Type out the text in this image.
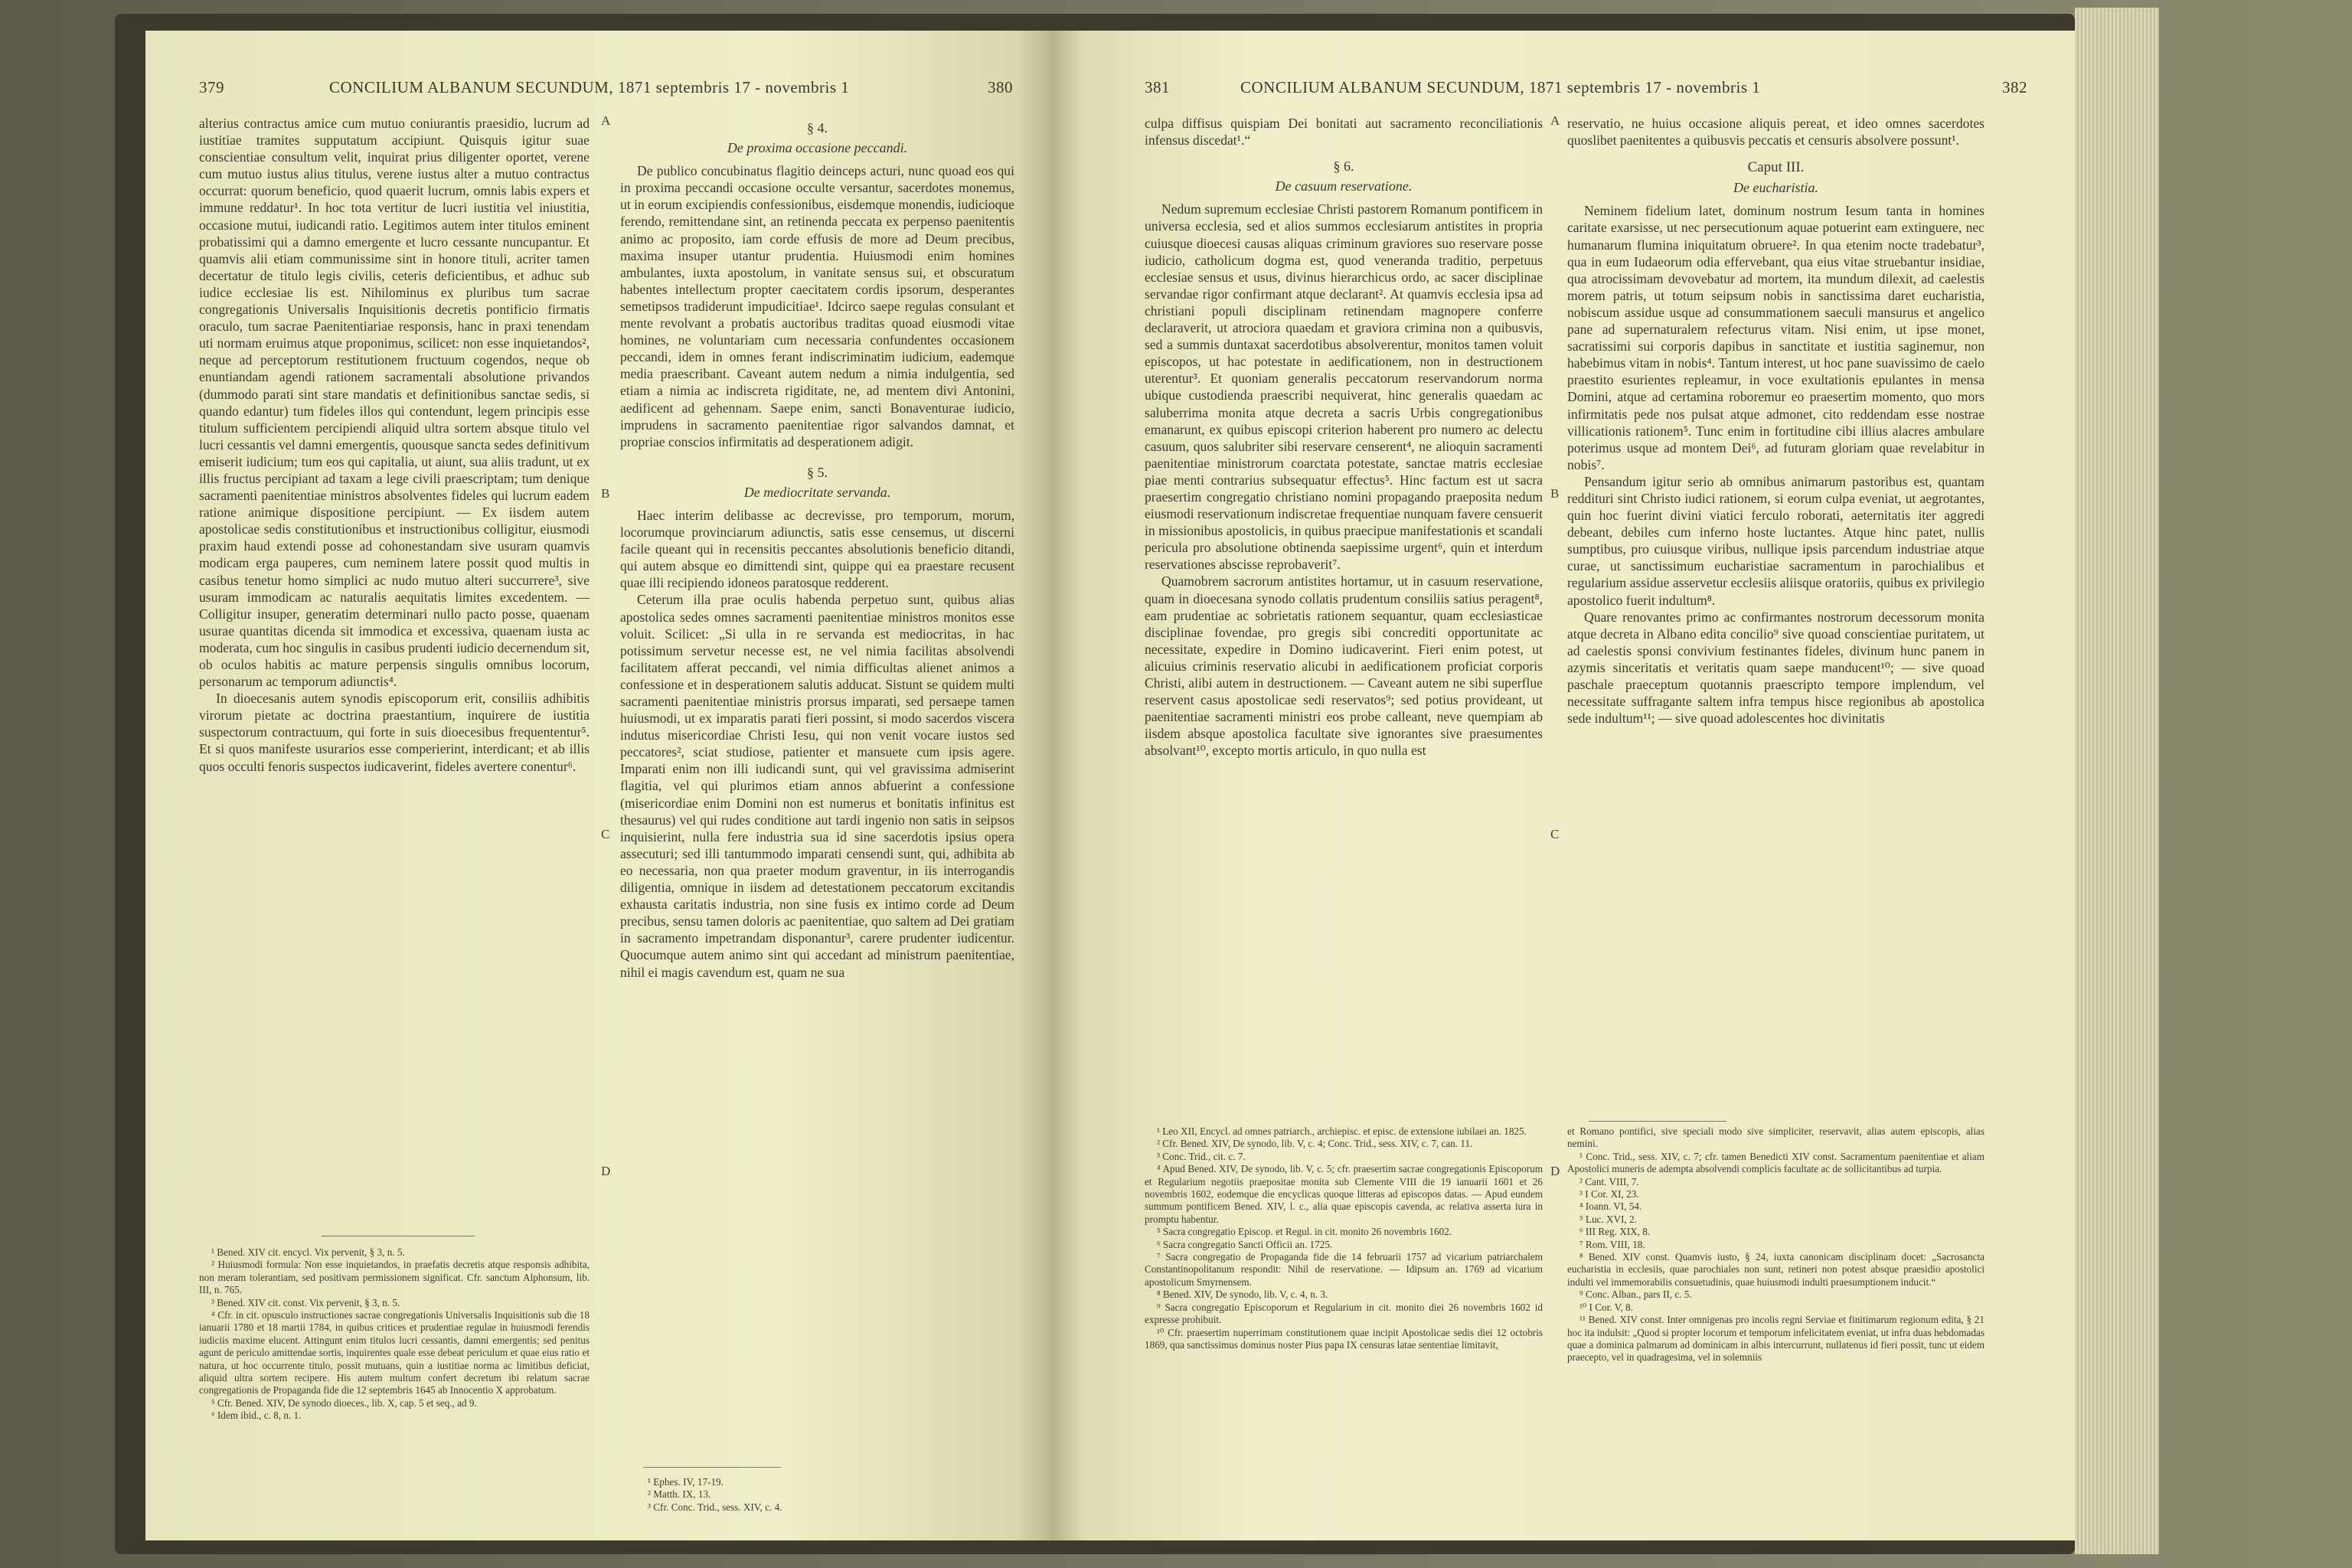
379	CONCILIUM ALBANUM SECUNDUM, 1871 septembris 17 - novembris 1	380

alterius contractus amice cum mutuo coniurantis praesidio, lucrum ad iustitiae tramites supputatum accipiunt. Quisquis igitur suae conscientiae consultum velit, inquirat prius diligenter oportet, verene cum mutuo iustus alius titulus, verene iustus alter a mutuo contractus occurrat: quorum beneficio, quod quaerit lucrum, omnis labis expers et immune reddatur¹. In hoc tota vertitur de lucri iustitia vel iniustitia, occasione mutui, iudicandi ratio. Legitimos autem inter titulos eminent probatissimi qui a damno emergente et lucro cessante nuncupantur. Et quamvis alii etiam communissime sint in honore tituli, acriter tamen decertatur de titulo legis civilis, ceteris deficientibus, et adhuc sub iudice ecclesiae lis est. Nihilominus ex pluribus tum sacrae congregationis Universalis Inquisitionis decretis pontificio firmatis oraculo, tum sacrae Paenitentiariae responsis, hanc in praxi tenendam uti normam eruimus atque proponimus, scilicet: non esse inquietandos², neque ad perceptorum restitutionem fructuum cogendos, neque ob enuntiandam agendi rationem sacramentali absolutione privandos (dummodo parati sint stare mandatis et definitionibus sanctae sedis, si quando edantur) tum fideles illos qui contendunt, legem principis esse titulum sufficientem percipiendi aliquid ultra sortem absque titulo vel lucri cessantis vel damni emergentis, quousque sancta sedes definitivum emiserit iudicium; tum eos qui capitalia, ut aiunt, sua aliis tradunt, ut ex illis fructus percipiant ad taxam a lege civili praescriptam; tum denique sacramenti paenitentiae ministros absolventes fideles qui lucrum eadem ratione animique dispositione percipiunt. — Ex iisdem autem apostolicae sedis constitutionibus et instructionibus colligitur, eiusmodi praxim haud extendi posse ad cohonestandam sive usuram quamvis modicam erga pauperes, cum neminem latere possit quod multis in casibus tenetur homo simplici ac nudo mutuo alteri succurrere³, sive usuram immodicam ac naturalis aequitatis limites excedentem. — Colligitur insuper, generatim determinari nullo pacto posse, quaenam usurae quantitas dicenda sit immodica et excessiva, quaenam iusta ac moderata, cum hoc singulis in casibus prudenti iudicio decernendum sit, ob oculos habitis ac mature perpensis singulis omnibus locorum, personarum ac temporum adiunctis⁴.

In dioecesanis autem synodis episcoporum erit, consiliis adhibitis virorum pietate ac doctrina praestantium, inquirere de iustitia suspectorum contractuum, qui forte in suis dioecesibus frequententur⁵. Et si quos manifeste usurarios esse comperierint, interdicant; et ab illis quos occulti fenoris suspectos iudicaverint, fideles avertere conentur⁶.

¹ Bened. XIV cit. encycl. Vix pervenit, § 3, n. 5.

² Huiusmodi formula: Non esse inquietandos, in praefatis decretis atque responsis adhibita, non meram tolerantiam, sed positivam permissionem significat. Cfr. sanctum Alphonsum, lib. III, n. 765.

³ Bened. XIV cit. const. Vix pervenit, § 3, n. 5.

⁴ Cfr. in cit. opusculo instructiones sacrae congregationis Universalis Inquisitionis sub die 18 ianuarii 1780 et 18 martii 1784, in quibus critices et prudentiae regulae in huiusmodi ferendis iudiciis maxime elucent. Attingunt enim titulos lucri cessantis, damni emergentis; sed penitus agunt de periculo amittendae sortis, inquirentes quale esse debeat periculum et quae eius ratio et natura, ut hoc occurrente titulo, possit mutuans, quin a iustitiae norma ac limitibus deficiat, aliquid ultra sortem recipere. His autem multum confert decretum ibi relatum sacrae congregationis de Propaganda fide die 12 septembris 1645 ab Innocentio X approbatum.

⁵ Cfr. Bened. XIV, De synodo dioeces., lib. X, cap. 5 et seq., ad 9.

⁶ Idem ibid., c. 8, n. 1.

A
B
C
D
§ 4.
De proxima occasione peccandi.

De publico concubinatus flagitio deinceps acturi, nunc quoad eos qui in proxima peccandi occasione occulte versantur, sacerdotes monemus, ut in eorum excipiendis confessionibus, eisdemque monendis, iudicioque ferendo, remittendane sint, an retinenda peccata ex perpenso paenitentis animo ac proposito, iam corde effusis de more ad Deum precibus, maxima insuper utantur prudentia. Huiusmodi enim homines ambulantes, iuxta apostolum, in vanitate sensus sui, et obscuratum habentes intellectum propter caecitatem cordis ipsorum, desperantes semetipsos tradiderunt impudicitiae¹. Idcirco saepe regulas consulant et mente revolvant a probatis auctoribus traditas quoad eiusmodi vitae homines, ne voluntariam cum necessaria confundentes occasionem peccandi, idem in omnes ferant indiscriminatim iudicium, eademque media praescribant. Caveant autem nedum a nimia indulgentia, sed etiam a nimia ac indiscreta rigiditate, ne, ad mentem divi Antonini, aedificent ad gehennam. Saepe enim, sancti Bonaventurae iudicio, imprudens in sacramento paenitentiae rigor salvandos damnat, et propriae conscios infirmitatis ad desperationem adigit.

§ 5.
De mediocritate servanda.

Haec interim delibasse ac decrevisse, pro temporum, morum, locorumque provinciarum adiunctis, satis esse censemus, ut discerni facile queant qui in recensitis peccantes absolutionis beneficio ditandi, qui autem absque eo dimittendi sint, quippe qui ea praestare recusent quae illi recipiendo idoneos paratosque redderent.

Ceterum illa prae oculis habenda perpetuo sunt, quibus alias apostolica sedes omnes sacramenti paenitentiae ministros monitos esse voluit. Scilicet: „Si ulla in re servanda est mediocritas, in hac potissimum servetur necesse est, ne vel nimia facilitas absolvendi facilitatem afferat peccandi, vel nimia difficultas alienet animos a confessione et in desperationem salutis adducat. Sistunt se quidem multi sacramenti paenitentiae ministris prorsus imparati, sed persaepe tamen huiusmodi, ut ex imparatis parati fieri possint, si modo sacerdos viscera indutus misericordiae Christi Iesu, qui non venit vocare iustos sed peccatores², sciat studiose, patienter et mansuete cum ipsis agere. Imparati enim non illi iudicandi sunt, qui vel gravissima admiserint flagitia, vel qui plurimos etiam annos abfuerint a confessione (misericordiae enim Domini non est numerus et bonitatis infinitus est thesaurus) vel qui rudes conditione aut tardi ingenio non satis in seipsos inquisierint, nulla fere industria sua id sine sacerdotis ipsius opera assecuturi; sed illi tantummodo imparati censendi sunt, qui, adhibita ab eo necessaria, non qua praeter modum graventur, in iis interrogandis diligentia, omnique in iisdem ad detestationem peccatorum excitandis exhausta caritatis industria, non sine fusis ex intimo corde ad Deum precibus, sensu tamen doloris ac paenitentiae, quo saltem ad Dei gratiam in sacramento impetrandam disponantur³, carere prudenter iudicentur. Quocumque autem animo sint qui accedant ad ministrum paenitentiae, nihil ei magis cavendum est, quam ne sua

¹ Ephes. IV, 17-19.

² Matth. IX, 13.

³ Cfr. Conc. Trid., sess. XIV, c. 4.

381	CONCILIUM ALBANUM SECUNDUM, 1871 septembris 17 - novembris 1	382

culpa diffisus quispiam Dei bonitati aut sacramento reconciliationis infensus discedat¹.“

§ 6.
De casuum reservatione.

Nedum supremum ecclesiae Christi pastorem Romanum pontificem in universa ecclesia, sed et alios summos ecclesiarum antistites in propria cuiusque dioecesi causas aliquas criminum graviores suo reservare posse iudicio, catholicum dogma est, quod veneranda traditio, perpetuus ecclesiae sensus et usus, divinus hierarchicus ordo, ac sacer disciplinae servandae rigor confirmant atque declarant². At quamvis ecclesia ipsa ad christiani populi disciplinam retinendam magnopere conferre declaraverit, ut atrociora quaedam et graviora crimina non a quibusvis, sed a summis duntaxat sacerdotibus absolverentur, monitos tamen voluit episcopos, ut hac potestate in aedificationem, non in destructionem uterentur³. Et quoniam generalis peccatorum reservandorum norma ubique custodienda praescribi nequiverat, hinc generalis quaedam ac saluberrima monita atque decreta a sacris Urbis congregationibus emanarunt, ex quibus episcopi criterion haberent pro numero ac delectu casuum, quos salubriter sibi reservare censerent⁴, ne alioquin sacramenti paenitentiae ministrorum coarctata potestate, sanctae matris ecclesiae piae menti contrarius subsequatur effectus⁵. Hinc factum est ut sacra praesertim congregatio christiano nomini propagando praeposita nedum eiusmodi reservationum indiscretae frequentiae nunquam favere censuerit in missionibus apostolicis, in quibus praecipue manifestationis et scandali pericula pro absolutione obtinenda saepissime urgent⁶, quin et interdum reservationes abscisse reprobaverit⁷.

Quamobrem sacrorum antistites hortamur, ut in casuum reservatione, quam in dioecesana synodo collatis prudentum consiliis satius peragent⁸, eam prudentiae ac sobrietatis rationem sequantur, quam ecclesiasticae disciplinae fovendae, pro gregis sibi concrediti opportunitate ac necessitate, expedire in Domino iudicaverint. Fieri enim potest, ut alicuius criminis reservatio alicubi in aedificationem proficiat corporis Christi, alibi autem in destructionem. — Caveant autem ne sibi superflue reservent casus apostolicae sedi reservatos⁹; sed potius provideant, ut paenitentiae sacramenti ministri eos probe calleant, neve quempiam ab iisdem absque apostolica facultate sive ignorantes sive praesumentes absolvant¹⁰, excepto mortis articulo, in quo nulla est

A
B
C
D

reservatio, ne huius occasione aliquis pereat, et ideo omnes sacerdotes quoslibet paenitentes a quibusvis peccatis et censuris absolvere possunt¹.

Caput III.
De eucharistia.

Neminem fidelium latet, dominum nostrum Iesum tanta in homines caritate exarsisse, ut nec persecutionum aquae potuerint eam extinguere, nec humanarum flumina iniquitatum obruere². In qua etenim nocte tradebatur³, qua in eum Iudaeorum odia effervebant, qua eius vitae struebantur insidiae, qua atrocissimam devovebatur ad mortem, ita mundum dilexit, ad caelestis morem patris, ut totum seipsum nobis in sanctissima daret eucharistia, nobiscum assidue usque ad consummationem saeculi mansurus et angelico pane ad supernaturalem refecturus vitam. Nisi enim, ut ipse monet, sacratissimi sui corporis dapibus in sanctitate et iustitia saginemur, non habebimus vitam in nobis⁴. Tantum interest, ut hoc pane suavissimo de caelo praestito esurientes repleamur, in voce exultationis epulantes in mensa Domini, atque ad certamina roboremur eo praesertim momento, quo mors infirmitatis pede nos pulsat atque admonet, cito reddendam esse nostrae villicationis rationem⁵. Tunc enim in fortitudine cibi illius alacres ambulare poterimus usque ad montem Dei⁶, ad futuram gloriam quae revelabitur in nobis⁷.

Pensandum igitur serio ab omnibus animarum pastoribus est, quantam reddituri sint Christo iudici rationem, si eorum culpa eveniat, ut aegrotantes, quin hoc fuerint divini viatici ferculo roborati, aeternitatis iter aggredi debeant, debiles cum inferno hoste luctantes. Atque hinc patet, nullis sumptibus, pro cuiusque viribus, nullique ipsis parcendum industriae atque curae, ut sanctissimum eucharistiae sacramentum in parochialibus et regularium assidue asservetur ecclesiis aliisque oratoriis, quibus ex privilegio apostolico fuerit indultum⁸.

Quare renovantes primo ac confirmantes nostrorum decessorum monita atque decreta in Albano edita concilio⁹ sive quoad conscientiae puritatem, ut ad caelestis sponsi convivium festinantes fideles, divinum hunc panem in azymis sinceritatis et veritatis quam saepe manducent¹⁰; — sive quoad paschale praeceptum quotannis praescripto tempore implendum, vel necessitate suffragante saltem infra tempus hisce regionibus ab apostolica sede indultum¹¹; — sive quoad adolescentes hoc divinitatis

¹ Leo XII, Encycl. ad omnes patriarch., archiepisc. et episc. de extensione iubilaei an. 1825.

² Cfr. Bened. XIV, De synodo, lib. V, c. 4; Conc. Trid., sess. XIV, c. 7, can. 11.

³ Conc. Trid., cit. c. 7.

⁴ Apud Bened. XIV, De synodo, lib. V, c. 5; cfr. praesertim sacrae congregationis Episcoporum et Regularium negotiis praepositae monita sub Clemente VIII die 19 ianuarii 1601 et 26 novembris 1602, eodemque die encyclicas quoque litteras ad episcopos datas. — Apud eundem summum pontificem Bened. XIV, l. c., alia quae episcopis cavenda, ac relativa asserta iura in promptu habentur.

⁵ Sacra congregatio Episcop. et Regul. in cit. monito 26 novembris 1602.

⁶ Sacra congregatio Sancti Officii an. 1725.

⁷ Sacra congregatio de Propaganda fide die 14 februarii 1757 ad vicarium patriarchalem Constantinopolitanum respondit: Nihil de reservatione. — Idipsum an. 1769 ad vicarium apostolicum Smyrnensem.

⁸ Bened. XIV, De synodo, lib. V, c. 4, n. 3.

⁹ Sacra congregatio Episcoporum et Regularium in cit. monito diei 26 novembris 1602 id expresse prohibuit.

¹⁰ Cfr. praesertim nuperrimam constitutionem quae incipit Apostolicae sedis diei 12 octobris 1869, qua sanctissimus dominus noster Pius papa IX censuras latae sententiae limitavit,

et Romano pontifici, sive speciali modo sive simpliciter, reservavit, alias autem episcopis, alias nemini.

¹ Conc. Trid., sess. XIV, c. 7; cfr. tamen Benedicti XIV const. Sacramentum paenitentiae et aliam Apostolici muneris de adempta absolvendi complicis facultate ac de sollicitantibus ad turpia.

² Cant. VIII, 7.

³ I Cor. XI, 23.

⁴ Ioann. VI, 54.

⁵ Luc. XVI, 2.

⁶ III Reg. XIX, 8.

⁷ Rom. VIII, 18.

⁸ Bened. XIV const. Quamvis iusto, § 24, iuxta canonicam disciplinam docet: „Sacrosancta eucharistia in ecclesiis, quae parochiales non sunt, retineri non potest absque praesidio apostolici indulti vel immemorabilis consuetudinis, quae huiusmodi indulti praesumptionem inducit.“

⁹ Conc. Alban., pars II, c. 5.

¹⁰ I Cor. V, 8.

¹¹ Bened. XIV const. Inter omnigenas pro incolis regni Serviae et finitimarum regionum edita, § 21 hoc ita indulsit: „Quod si propter locorum et temporum infelicitatem eveniat, ut infra duas hebdomadas quae a dominica palmarum ad dominicam in albis intercurrunt, nullatenus id fieri possit, tunc ut eidem praecepto, vel in quadragesima, vel in solemniis
